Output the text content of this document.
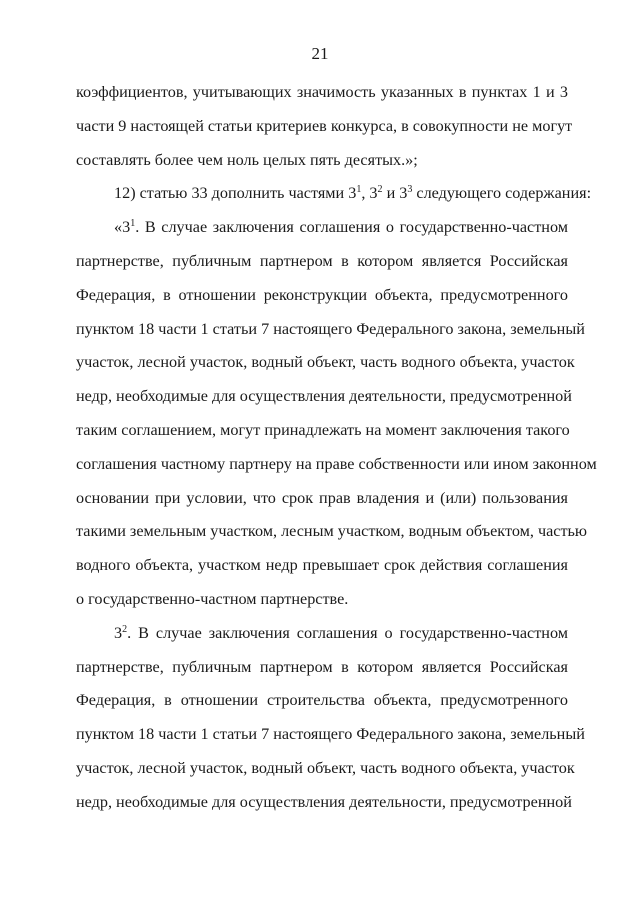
21
коэффициентов, учитывающих значимость указанных в пунктах 1 и 3
части 9 настоящей статьи критериев конкурса, в совокупности не могут
составлять более чем ноль целых пять десятых.»;
12) статью 33 дополнить частями $3^1$, $3^2$ и $3^3$ следующего содержания:
«$3^1$. В случае заключения соглашения о государственно-частном
партнерстве, публичным партнером в котором является Российская
Федерация, в отношении реконструкции объекта, предусмотренного
пунктом 18 части 1 статьи 7 настоящего Федерального закона, земельный
участок, лесной участок, водный объект, часть водного объекта, участок
недр, необходимые для осуществления деятельности, предусмотренной
таким соглашением, могут принадлежать на момент заключения такого
соглашения частному партнеру на праве собственности или ином законном
основании при условии, что срок прав владения и (или) пользования
такими земельным участком, лесным участком, водным объектом, частью
водного объекта, участком недр превышает срок действия соглашения
о государственно-частном партнерстве.
$3^2$. В случае заключения соглашения о государственно-частном
партнерстве, публичным партнером в котором является Российская
Федерация, в отношении строительства объекта, предусмотренного
пунктом 18 части 1 статьи 7 настоящего Федерального закона, земельный
участок, лесной участок, водный объект, часть водного объекта, участок
недр, необходимые для осуществления деятельности, предусмотренной
